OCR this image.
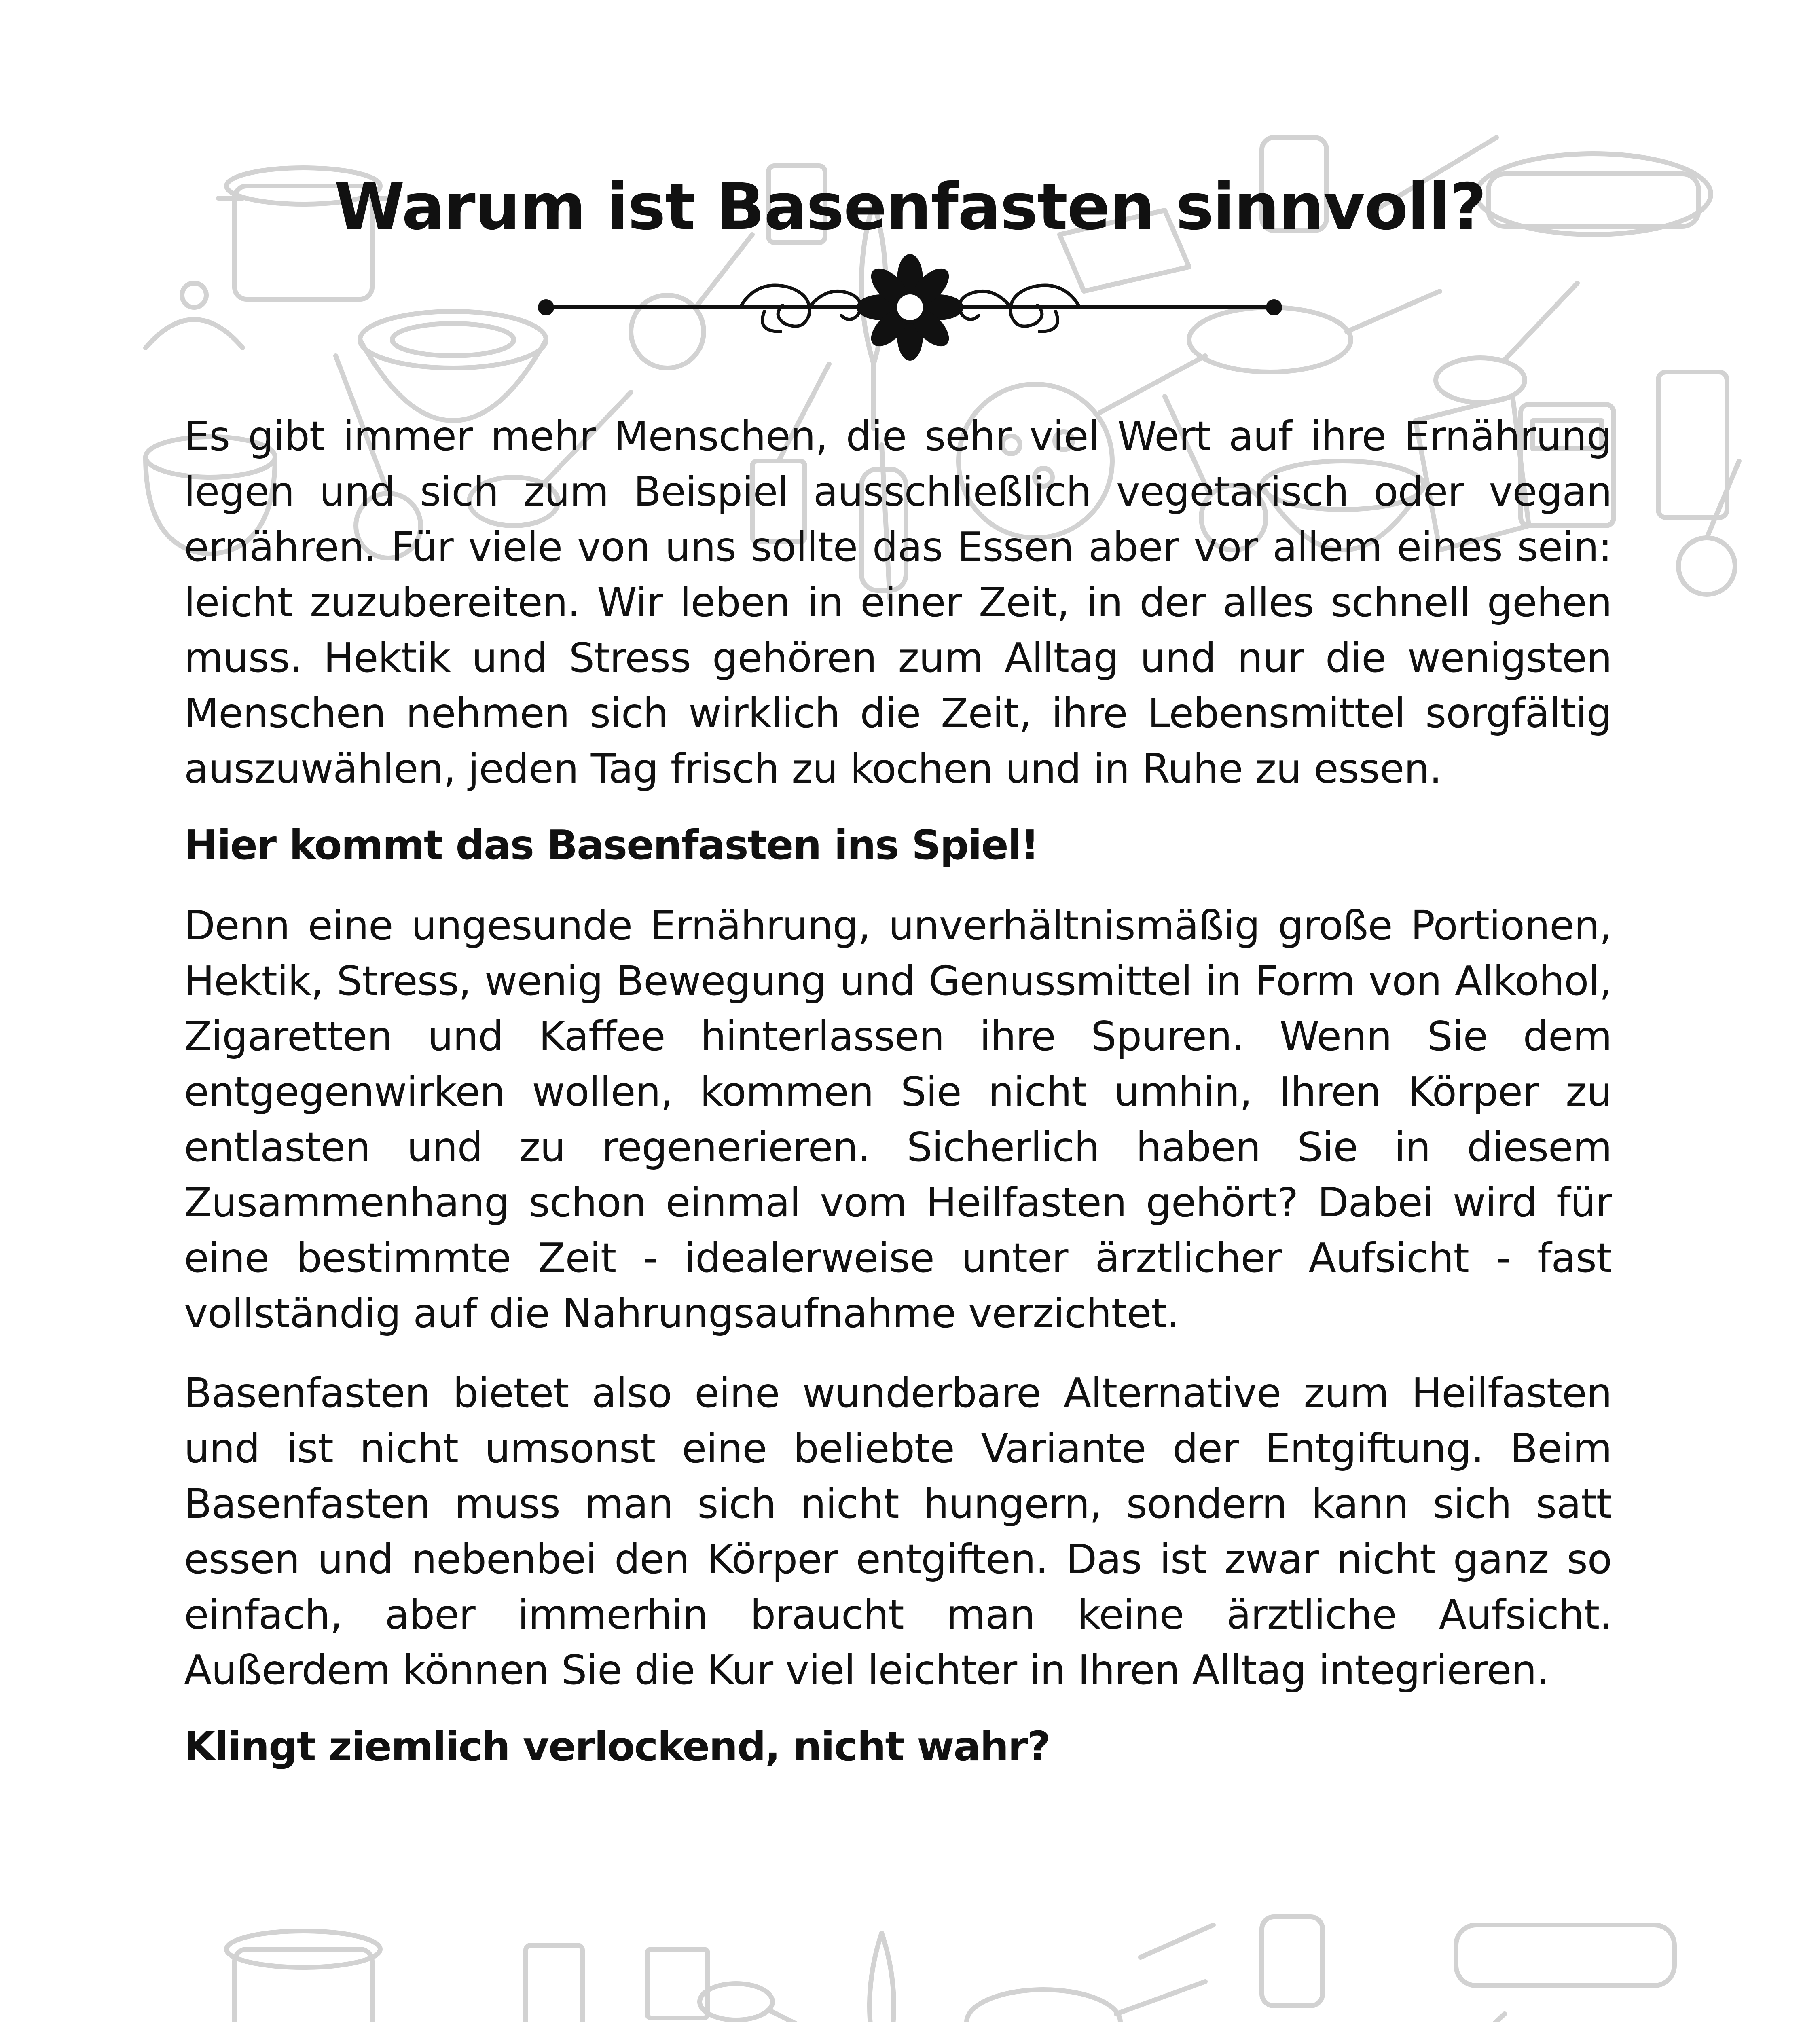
Warum ist Basenfasten sinnvoll?

Es gibt immer mehr Menschen, die sehr viel Wert auf ihre Ernährung legen und sich zum Beispiel ausschließlich vegetarisch oder vegan ernähren. Für viele von uns sollte das Essen aber vor allem eines sein: leicht zuzubereiten. Wir leben in einer Zeit, in der alles schnell gehen muss. Hektik und Stress gehören zum Alltag und nur die wenigsten Menschen nehmen sich wirklich die Zeit, ihre Lebensmittel sorgfältig auszuwählen, jeden Tag frisch zu kochen und in Ruhe zu essen.

Hier kommt das Basenfasten ins Spiel!

Denn eine ungesunde Ernährung, unverhältnismäßig große Portionen, Hektik, Stress, wenig Bewegung und Genussmittel in Form von Alkohol, Zigaretten und Kaffee hinterlassen ihre Spuren. Wenn Sie dem entgegenwirken wollen, kommen Sie nicht umhin, Ihren Körper zu entlasten und zu regenerieren. Sicherlich haben Sie in diesem Zusammenhang schon einmal vom Heilfasten gehört? Dabei wird für eine bestimmte Zeit - idealerweise unter ärztlicher Aufsicht - fast vollständig auf die Nahrungsaufnahme verzichtet.

Basenfasten bietet also eine wunderbare Alternative zum Heilfasten und ist nicht umsonst eine beliebte Variante der Entgiftung. Beim Basenfasten muss man sich nicht hungern, sondern kann sich satt essen und nebenbei den Körper entgiften. Das ist zwar nicht ganz so einfach, aber immerhin braucht man keine ärztliche Aufsicht. Außerdem können Sie die Kur viel leichter in Ihren Alltag integrieren.

Klingt ziemlich verlockend, nicht wahr?
